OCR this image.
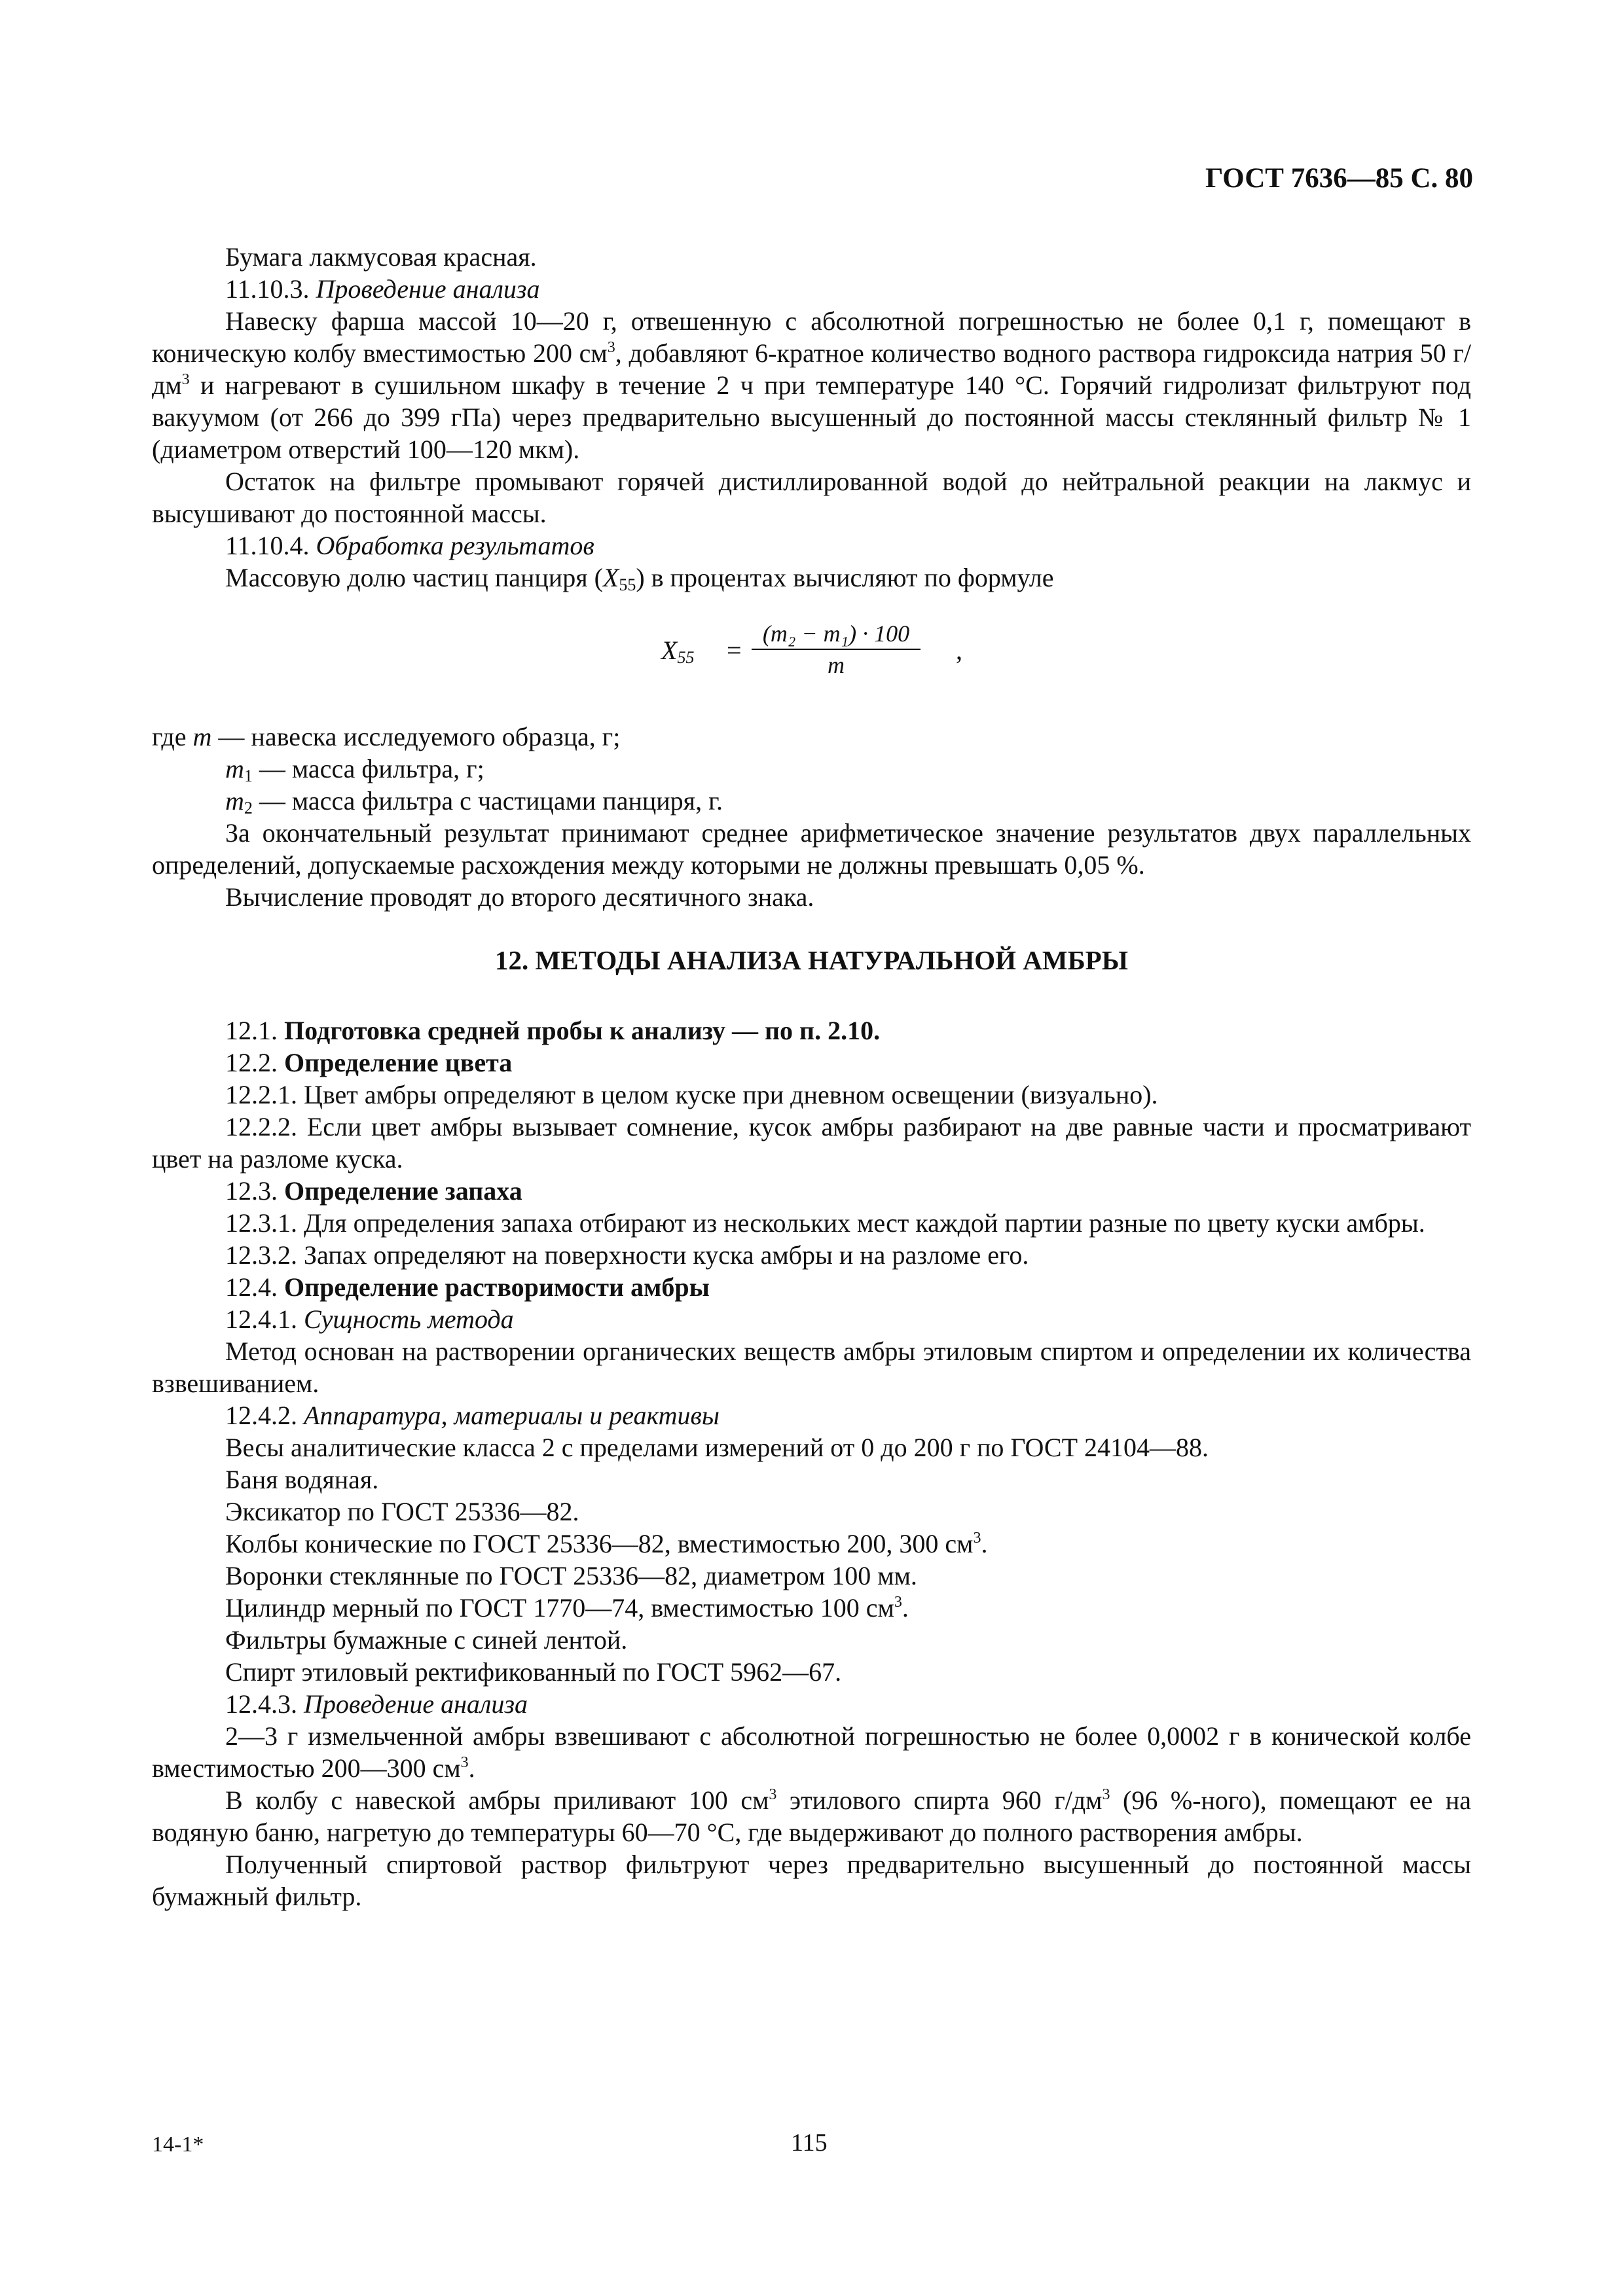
ГОСТ 7636—85 С. 80

Бумага лакмусовая красная.

11.10.3. Проведение анализа

Навеску фарша массой 10—20 г, отвешенную с абсолютной погрешностью не более 0,1 г, помещают в коническую колбу вместимостью 200 $см^3$, добавляют 6-кратное количество водного раствора гидроксида натрия 50 $г/дм^3$ и нагревают в сушильном шкафу в течение 2 ч при температуре 140 °С. Горячий гидролизат фильтруют под вакуумом (от 266 до 399 гПа) через предварительно высушенный до постоянной массы стеклянный фильтр № 1 (диаметром отверстий 100—120 мкм).

Остаток на фильтре промывают горячей дистиллированной водой до нейтральной реакции на лакмус и высушивают до постоянной массы.

11.10.4. Обработка результатов

Массовую долю частиц панциря $(X_{55})$ в процентах вычисляют по формуле

$X_{55}$ =
(m₂ − m₁) · 100
m	,

где m — навеска исследуемого образца, г;

$m_1$ — масса фильтра, г;

$m_2$ — масса фильтра с частицами панциря, г.

За окончательный результат принимают среднее арифметическое значение результатов двух параллельных определений, допускаемые расхождения между которыми не должны превышать 0,05 %.

Вычисление проводят до второго десятичного знака.

12. МЕТОДЫ АНАЛИЗА НАТУРАЛЬНОЙ АМБРЫ

12.1. Подготовка средней пробы к анализу — по п. 2.10.

12.2. Определение цвета

12.2.1. Цвет амбры определяют в целом куске при дневном освещении (визуально).

12.2.2. Если цвет амбры вызывает сомнение, кусок амбры разбирают на две равные части и просматривают цвет на разломе куска.

12.3. Определение запаха

12.3.1. Для определения запаха отбирают из нескольких мест каждой партии разные по цвету куски амбры.

12.3.2. Запах определяют на поверхности куска амбры и на разломе его.

12.4. Определение растворимости амбры

12.4.1. Сущность метода

Метод основан на растворении органических веществ амбры этиловым спиртом и определении их количества взвешиванием.

12.4.2. Аппаратура, материалы и реактивы

Весы аналитические класса 2 с пределами измерений от 0 до 200 г по ГОСТ 24104—88.

Баня водяная.

Эксикатор по ГОСТ 25336—82.

Колбы конические по ГОСТ 25336—82, вместимостью 200, 300 $см^3$.

Воронки стеклянные по ГОСТ 25336—82, диаметром 100 мм.

Цилиндр мерный по ГОСТ 1770—74, вместимостью 100 $см^3$.

Фильтры бумажные с синей лентой.

Спирт этиловый ректификованный по ГОСТ 5962—67.

12.4.3. Проведение анализа

2—3 г измельченной амбры взвешивают с абсолютной погрешностью не более 0,0002 г в конической колбе вместимостью 200—300 $см^3$.

В колбу с навеской амбры приливают 100 $см^3$ этилового спирта 960 $г/дм^3$ (96 %-ного), помещают ее на водяную баню, нагретую до температуры 60—70 °С, где выдерживают до полного растворения амбры.

Полученный спиртовой раствор фильтруют через предварительно высушенный до постоянной массы бумажный фильтр.

14-1*	115
